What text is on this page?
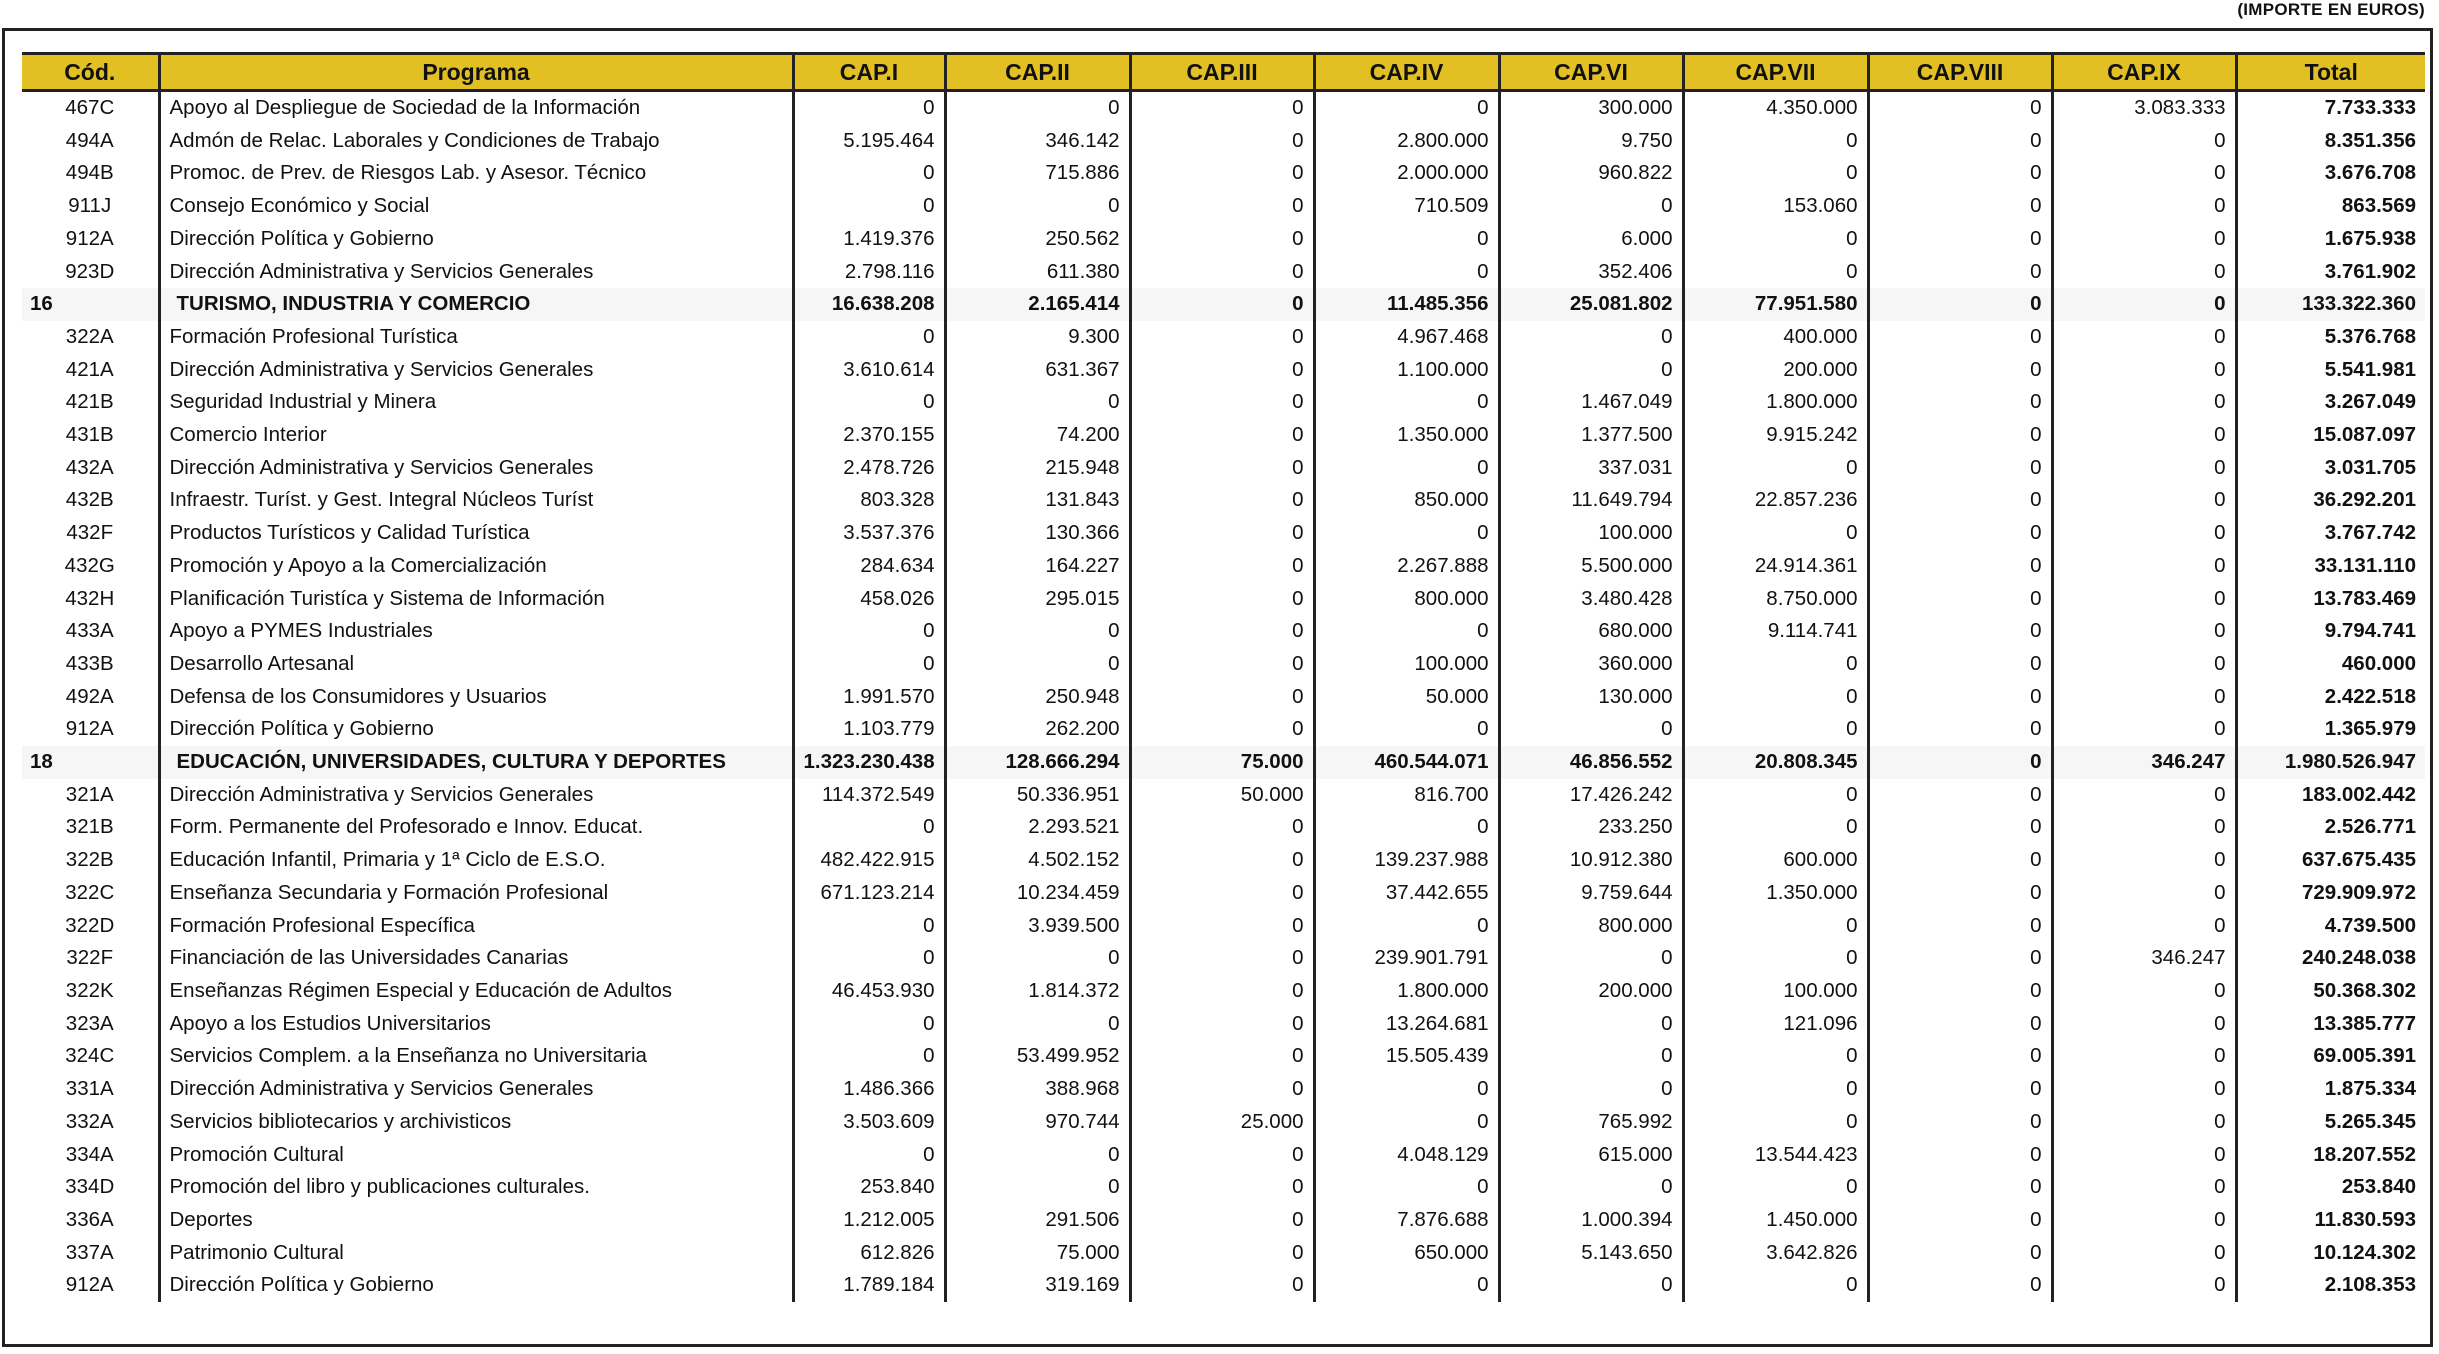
(IMPORTE EN EUROS)
Cód.	Programa	CAP.I	CAP.II	CAP.III	CAP.IV	CAP.VI	CAP.VII	CAP.VIII	CAP.IX	Total
467C	Apoyo al Despliegue de Sociedad de la Información	0	0	0	0	300.000	4.350.000	0	3.083.333	7.733.333
494A	Admón de Relac. Laborales y Condiciones de Trabajo	5.195.464	346.142	0	2.800.000	9.750	0	0	0	8.351.356
494B	Promoc. de Prev. de Riesgos Lab. y Asesor. Técnico	0	715.886	0	2.000.000	960.822	0	0	0	3.676.708
911J	Consejo Económico y Social	0	0	0	710.509	0	153.060	0	0	863.569
912A	Dirección Política y Gobierno	1.419.376	250.562	0	0	6.000	0	0	0	1.675.938
923D	Dirección Administrativa y Servicios Generales	2.798.116	611.380	0	0	352.406	0	0	0	3.761.902
16	TURISMO, INDUSTRIA Y COMERCIO	16.638.208	2.165.414	0	11.485.356	25.081.802	77.951.580	0	0	133.322.360
322A	Formación Profesional Turística	0	9.300	0	4.967.468	0	400.000	0	0	5.376.768
421A	Dirección Administrativa y Servicios Generales	3.610.614	631.367	0	1.100.000	0	200.000	0	0	5.541.981
421B	Seguridad Industrial y Minera	0	0	0	0	1.467.049	1.800.000	0	0	3.267.049
431B	Comercio Interior	2.370.155	74.200	0	1.350.000	1.377.500	9.915.242	0	0	15.087.097
432A	Dirección Administrativa y Servicios Generales	2.478.726	215.948	0	0	337.031	0	0	0	3.031.705
432B	Infraestr. Turíst. y Gest. Integral Núcleos Turíst	803.328	131.843	0	850.000	11.649.794	22.857.236	0	0	36.292.201
432F	Productos Turísticos y Calidad Turística	3.537.376	130.366	0	0	100.000	0	0	0	3.767.742
432G	Promoción y Apoyo a la Comercialización	284.634	164.227	0	2.267.888	5.500.000	24.914.361	0	0	33.131.110
432H	Planificación Turistíca y Sistema de Información	458.026	295.015	0	800.000	3.480.428	8.750.000	0	0	13.783.469
433A	Apoyo a PYMES Industriales	0	0	0	0	680.000	9.114.741	0	0	9.794.741
433B	Desarrollo Artesanal	0	0	0	100.000	360.000	0	0	0	460.000
492A	Defensa de los Consumidores y Usuarios	1.991.570	250.948	0	50.000	130.000	0	0	0	2.422.518
912A	Dirección Política y Gobierno	1.103.779	262.200	0	0	0	0	0	0	1.365.979
18	EDUCACIÓN, UNIVERSIDADES, CULTURA Y DEPORTES	1.323.230.438	128.666.294	75.000	460.544.071	46.856.552	20.808.345	0	346.247	1.980.526.947
321A	Dirección Administrativa y Servicios Generales	114.372.549	50.336.951	50.000	816.700	17.426.242	0	0	0	183.002.442
321B	Form. Permanente del Profesorado e Innov. Educat.	0	2.293.521	0	0	233.250	0	0	0	2.526.771
322B	Educación Infantil, Primaria y 1ª Ciclo de E.S.O.	482.422.915	4.502.152	0	139.237.988	10.912.380	600.000	0	0	637.675.435
322C	Enseñanza Secundaria y Formación Profesional	671.123.214	10.234.459	0	37.442.655	9.759.644	1.350.000	0	0	729.909.972
322D	Formación Profesional Específica	0	3.939.500	0	0	800.000	0	0	0	4.739.500
322F	Financiación de las Universidades Canarias	0	0	0	239.901.791	0	0	0	346.247	240.248.038
322K	Enseñanzas Régimen Especial y Educación de Adultos	46.453.930	1.814.372	0	1.800.000	200.000	100.000	0	0	50.368.302
323A	Apoyo a los Estudios Universitarios	0	0	0	13.264.681	0	121.096	0	0	13.385.777
324C	Servicios Complem. a la Enseñanza no Universitaria	0	53.499.952	0	15.505.439	0	0	0	0	69.005.391
331A	Dirección Administrativa y Servicios Generales	1.486.366	388.968	0	0	0	0	0	0	1.875.334
332A	Servicios bibliotecarios y archivisticos	3.503.609	970.744	25.000	0	765.992	0	0	0	5.265.345
334A	Promoción Cultural	0	0	0	4.048.129	615.000	13.544.423	0	0	18.207.552
334D	Promoción del libro y publicaciones culturales.	253.840	0	0	0	0	0	0	0	253.840
336A	Deportes	1.212.005	291.506	0	7.876.688	1.000.394	1.450.000	0	0	11.830.593
337A	Patrimonio Cultural	612.826	75.000	0	650.000	5.143.650	3.642.826	0	0	10.124.302
912A	Dirección Política y Gobierno	1.789.184	319.169	0	0	0	0	0	0	2.108.353
